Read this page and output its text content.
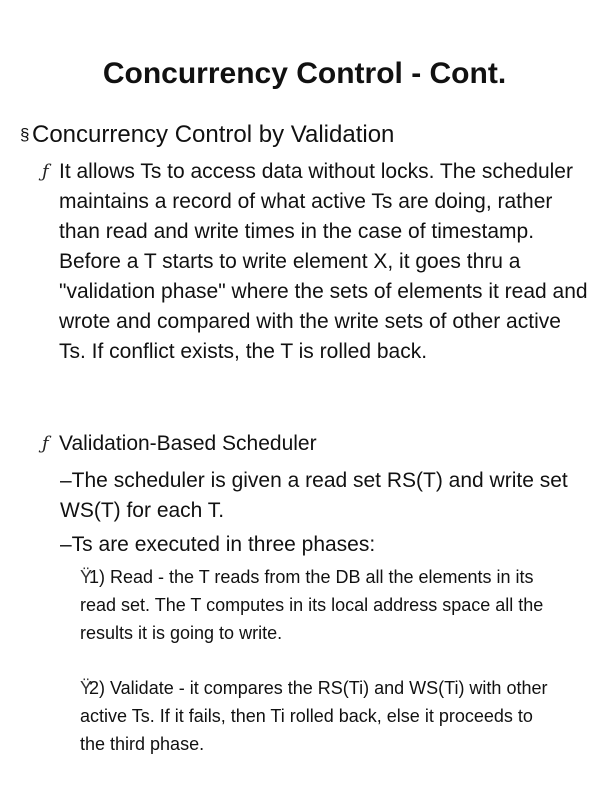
Concurrency Control - Cont.
§ Concurrency Control by Validation
ƒ It allows Ts to access data without locks. The scheduler maintains a record of what active Ts are doing, rather than read and write times in the case of timestamp. Before a T starts to write element X, it goes thru a "validation phase" where the sets of elements it read and wrote and compared with the write sets of other active Ts. If conflict exists, the T is rolled back.
ƒ Validation-Based Scheduler
–The scheduler is given a read set RS(T) and write set WS(T) for each T.
–Ts are executed in three phases:
Ÿ
1) Read - the T reads from the DB all the elements in its read set. The T computes in its local address space all the results it is going to write.
Ÿ
2) Validate - it compares the RS(Ti) and WS(Ti) with other active Ts. If it fails, then Ti rolled back, else it proceeds to the third phase.
